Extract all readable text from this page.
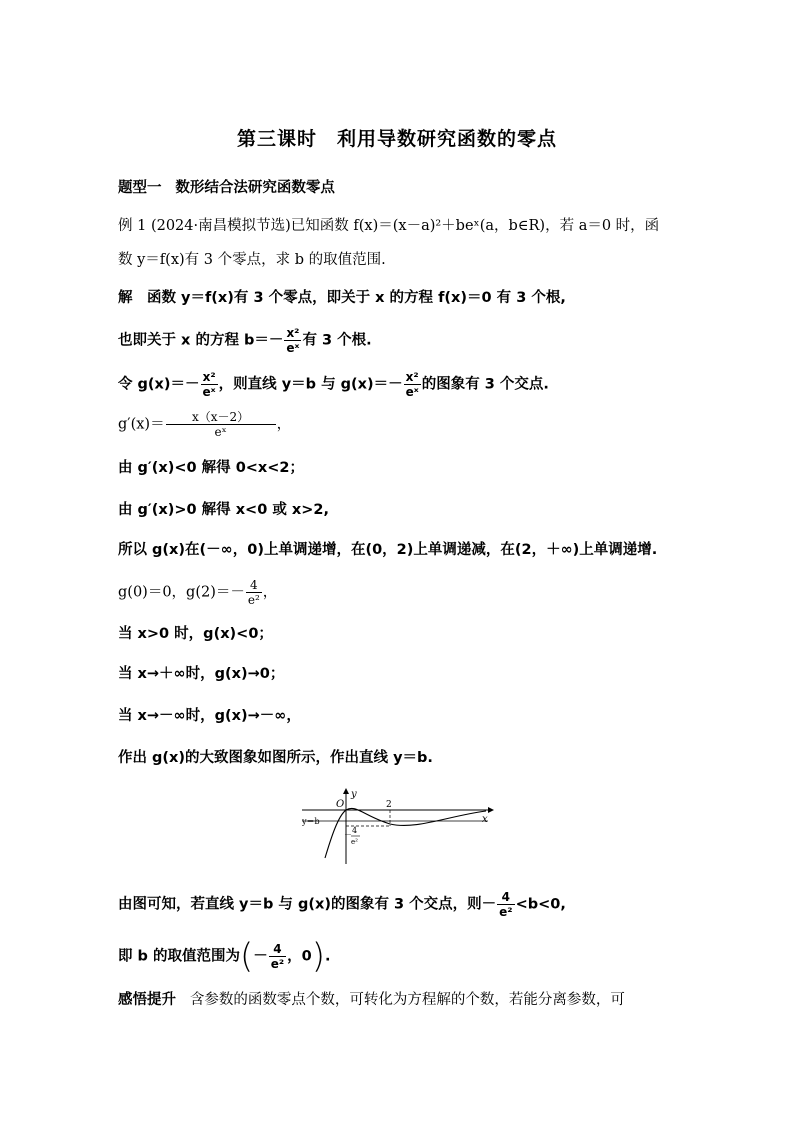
第三课时　利用导数研究函数的零点
题型一 数形结合法研究函数零点
例 1 (2024·南昌模拟节选)已知函数 f(x)＝(x－a)²＋beˣ(a，b∈R)，若 a＝0 时，函
数 y＝f(x)有 3 个零点，求 b 的取值范围.
解　函数 y＝f(x)有 3 个零点，即关于 x 的方程 f(x)＝0 有 3 个根,
也即关于 x 的方程 $b=- \frac{\text{x²}}{\text{eˣ}}$ 有 3 个根.
令 $g(x)=- \frac{\text{x²}}{\text{eˣ}}$ ，则直线 y＝b 与 $g(x)=- \frac{\text{x²}}{\text{eˣ}}$ 的图象有 3 个交点.
$g'(x)= \frac{x(x-2)}{\text{eˣ}}$ ，
由 g′(x)<0 解得 0<x<2；
由 g′(x)>0 解得 x<0 或 x>2,
所以 g(x)在(－∞，0)上单调递增，在(0，2)上单调递减，在(2，＋∞)上单调递增.
g(0)＝0，$g(2)=- \frac{4}{\text{e²}}$ ，
当 x>0 时，g(x)<0；
当 x→＋∞时，g(x)→0；
当 x→－∞时，g(x)→－∞，
作出 g(x)的大致图象如图所示，作出直线 y＝b.
y
x
O	2
y＝b
－ 4
e²
由图可知，若直线 y＝b 与 g(x)的图象有 3 个交点，则－ $\frac{4}{\text{e²}} <b<0$,
即 b 的取值范围为(－ $\frac{4}{\text{e²}}$ ，0).
感悟提升 含参数的函数零点个数，可转化为方程解的个数，若能分离参数，可
